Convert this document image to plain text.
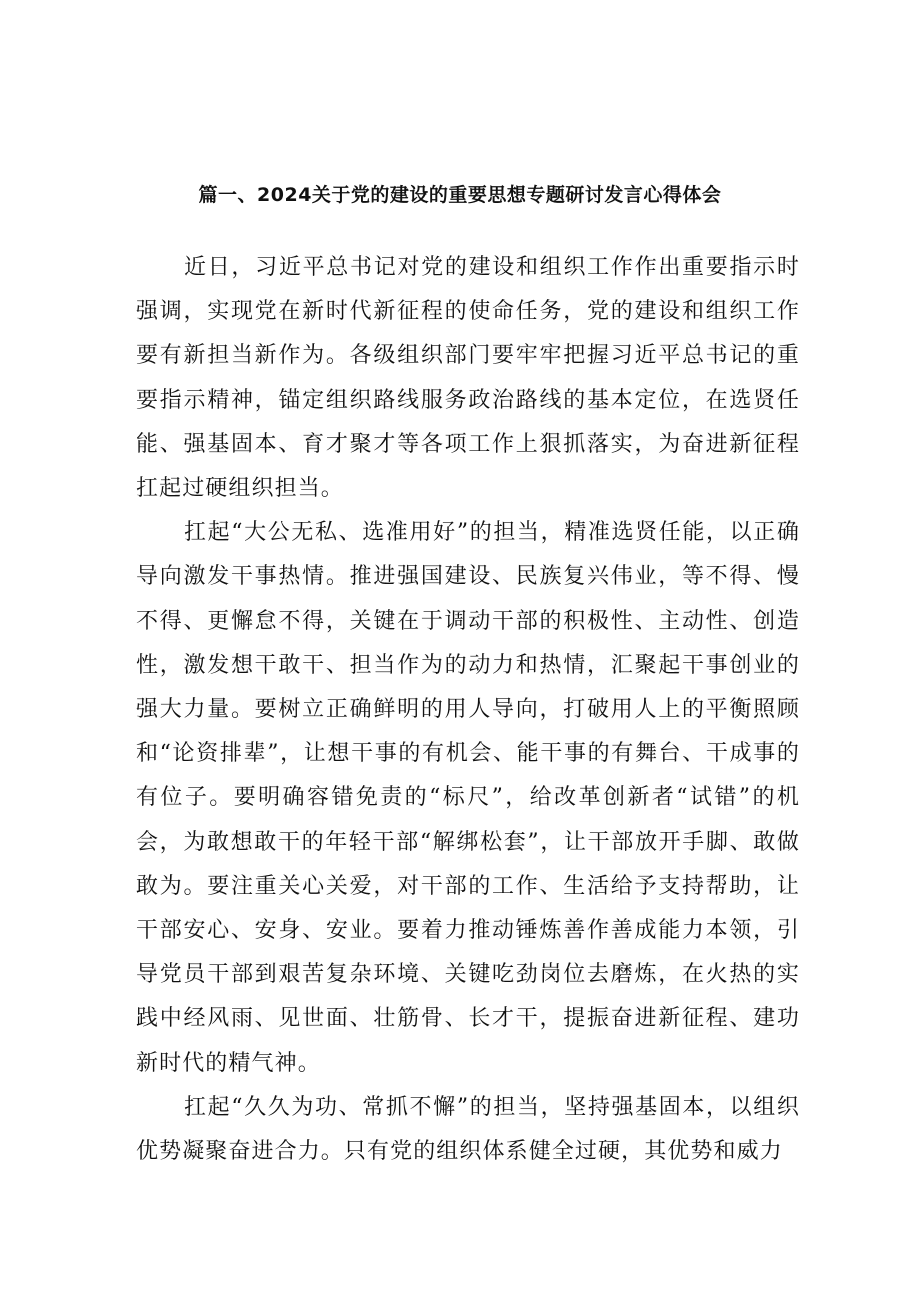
篇一、2024关于党的建设的重要思想专题研讨发言心得体会

近日，习近平总书记对党的建设和组织工作作出重要指示时强调，实现党在新时代新征程的使命任务，党的建设和组织工作要有新担当新作为。各级组织部门要牢牢把握习近平总书记的重要指示精神，锚定组织路线服务政治路线的基本定位，在选贤任能、强基固本、育才聚才等各项工作上狠抓落实，为奋进新征程扛起过硬组织担当。

扛起“大公无私、选准用好”的担当，精准选贤任能，以正确导向激发干事热情。推进强国建设、民族复兴伟业，等不得、慢不得、更懈怠不得，关键在于调动干部的积极性、主动性、创造性，激发想干敢干、担当作为的动力和热情，汇聚起干事创业的强大力量。要树立正确鲜明的用人导向，打破用人上的平衡照顾和“论资排辈”，让想干事的有机会、能干事的有舞台、干成事的有位子。要明确容错免责的“标尺”，给改革创新者“试错”的机会，为敢想敢干的年轻干部“解绑松套”，让干部放开手脚、敢做敢为。要注重关心关爱，对干部的工作、生活给予支持帮助，让干部安心、安身、安业。要着力推动锤炼善作善成能力本领，引导党员干部到艰苦复杂环境、关键吃劲岗位去磨炼，在火热的实践中经风雨、见世面、壮筋骨、长才干，提振奋进新征程、建功新时代的精气神。

扛起“久久为功、常抓不懈”的担当，坚持强基固本，以组织优势凝聚奋进合力。只有党的组织体系健全过硬，其优势和威力
